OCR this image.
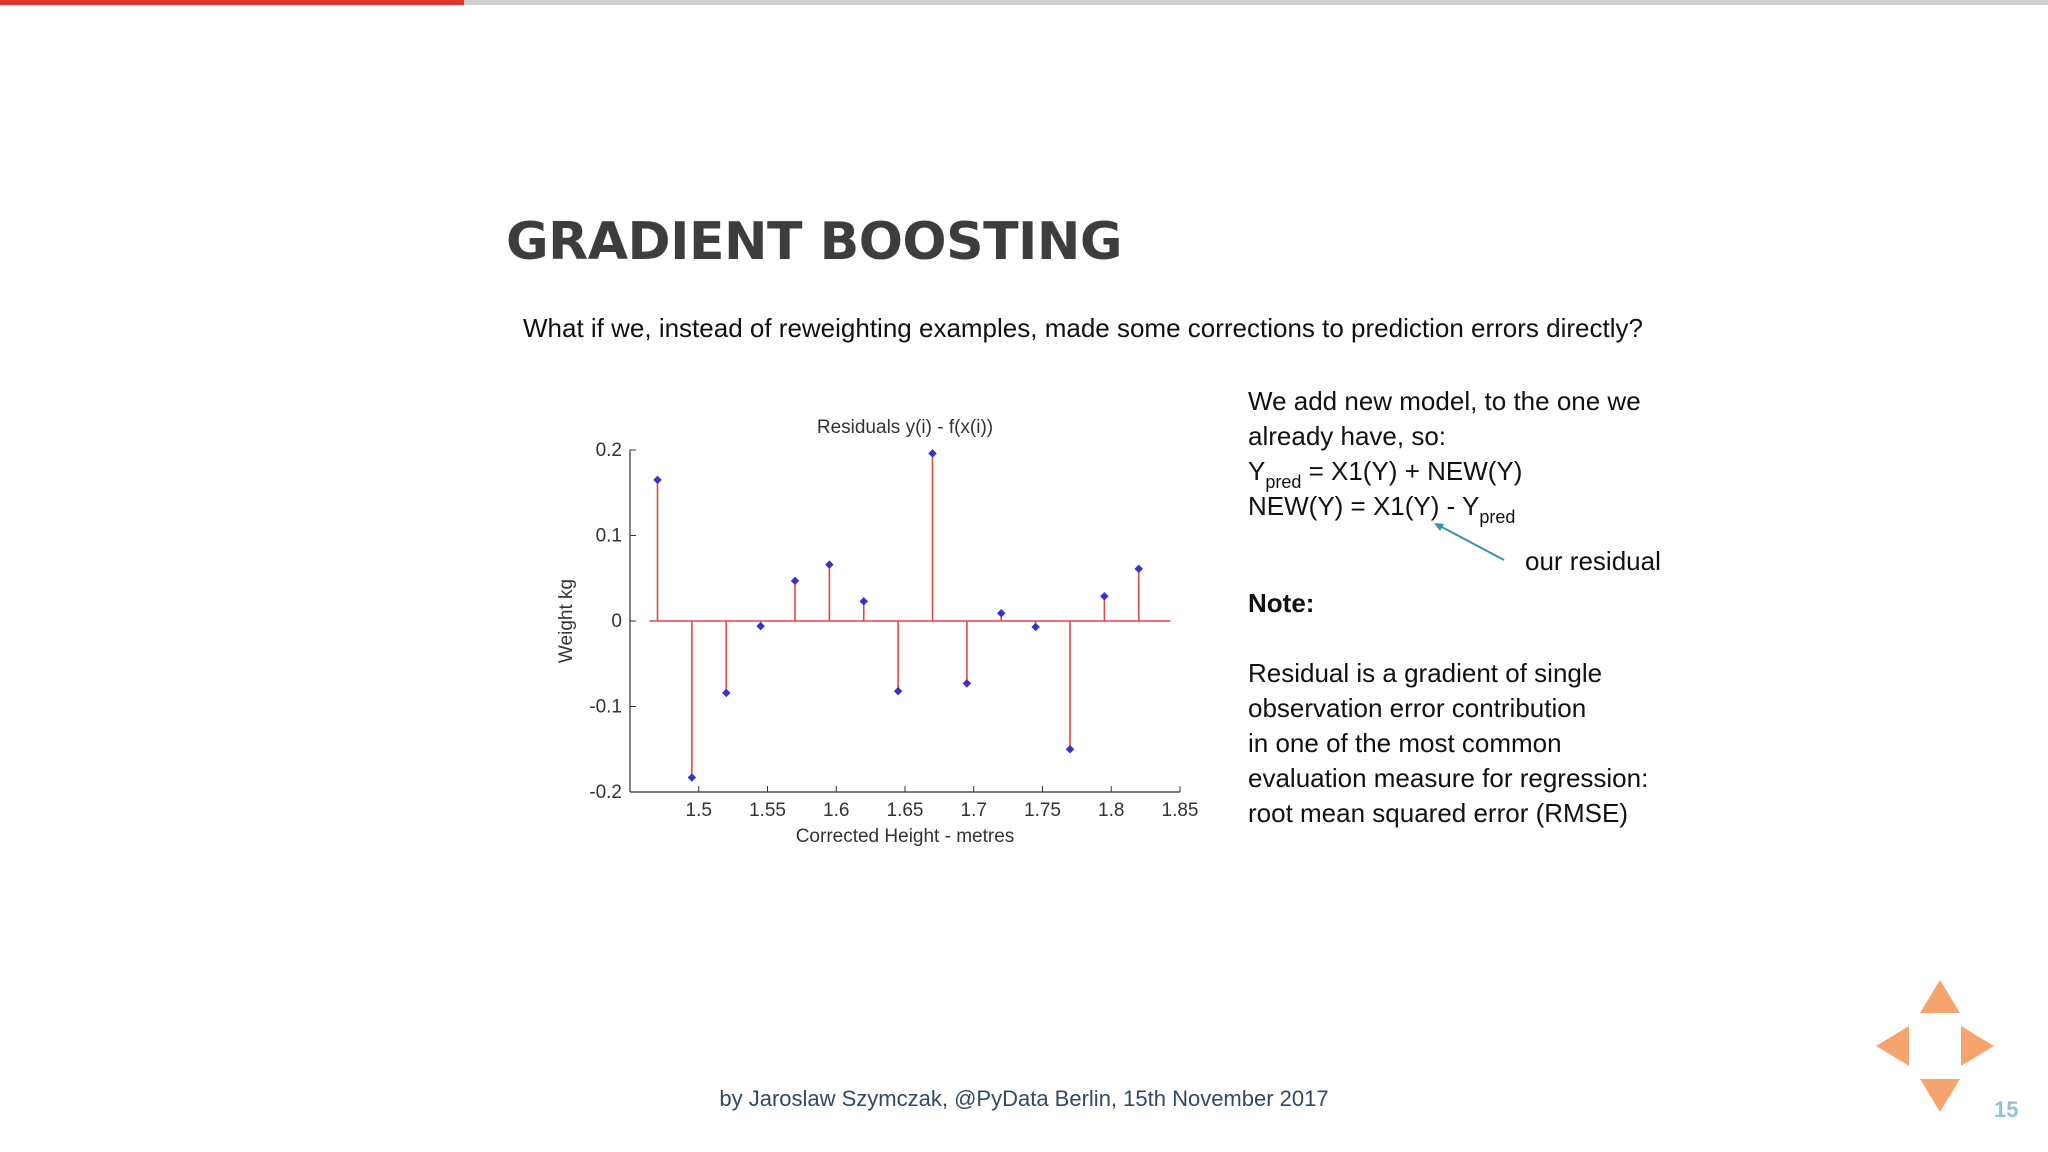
GRADIENT BOOSTING
What if we, instead of reweighting examples, made some corrections to prediction errors directly?
Residuals y(i) - f(x(i))
0.2
0.1
0
-0.1
-0.2
1.5 1.55 1.6 1.65 1.7 1.75 1.8 1.85
Corrected Height - metres
Weight kg
We add new model, to the one we
already have, so:
$Y_{pred} = X1(Y) + NEW(Y)$
$NEW(Y) = X1(Y) - Y_{pred}$
Note:
Residual is a gradient of single
observation error contribution
in one of the most common
evaluation measure for regression:
root mean squared error (RMSE)
our residual
by Jaroslaw Szymczak, @PyData Berlin, 15th November 2017	15
